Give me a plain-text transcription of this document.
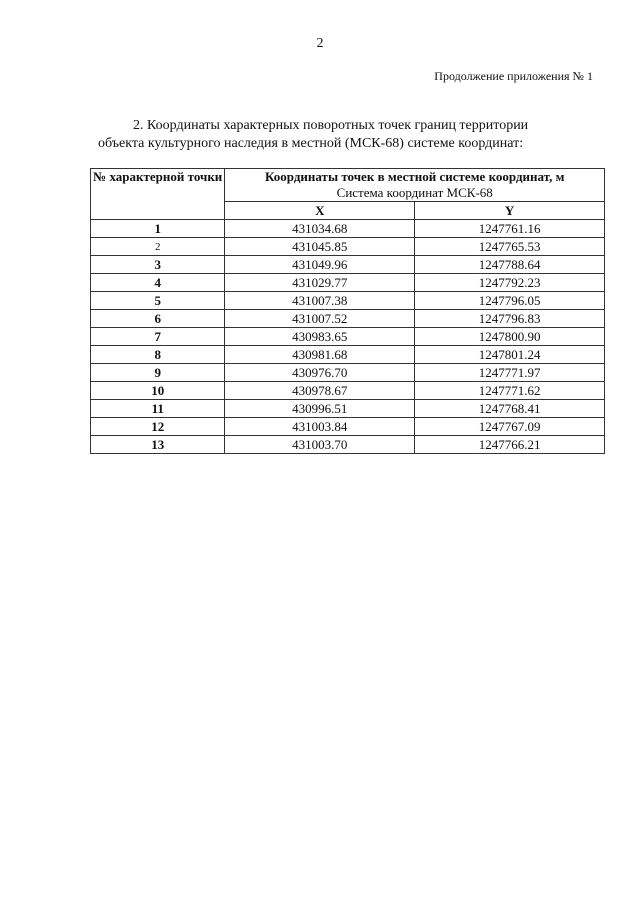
2
Продолжение приложения № 1
2. Координаты характерных поворотных точек границ территории
объекта культурного наследия в местной (МСК-68) системе координат:
№ характерной точки	Координаты точек в местной системе координат, м
Система координат МСК-68	

	X	Y
1	431034.68	1247761.16
2	431045.85	1247765.53
3	431049.96	1247788.64
4	431029.77	1247792.23
5	431007.38	1247796.05
6	431007.52	1247796.83
7	430983.65	1247800.90
8	430981.68	1247801.24
9	430976.70	1247771.97
10	430978.67	1247771.62
11	430996.51	1247768.41
12	431003.84	1247767.09
13	431003.70	1247766.21
